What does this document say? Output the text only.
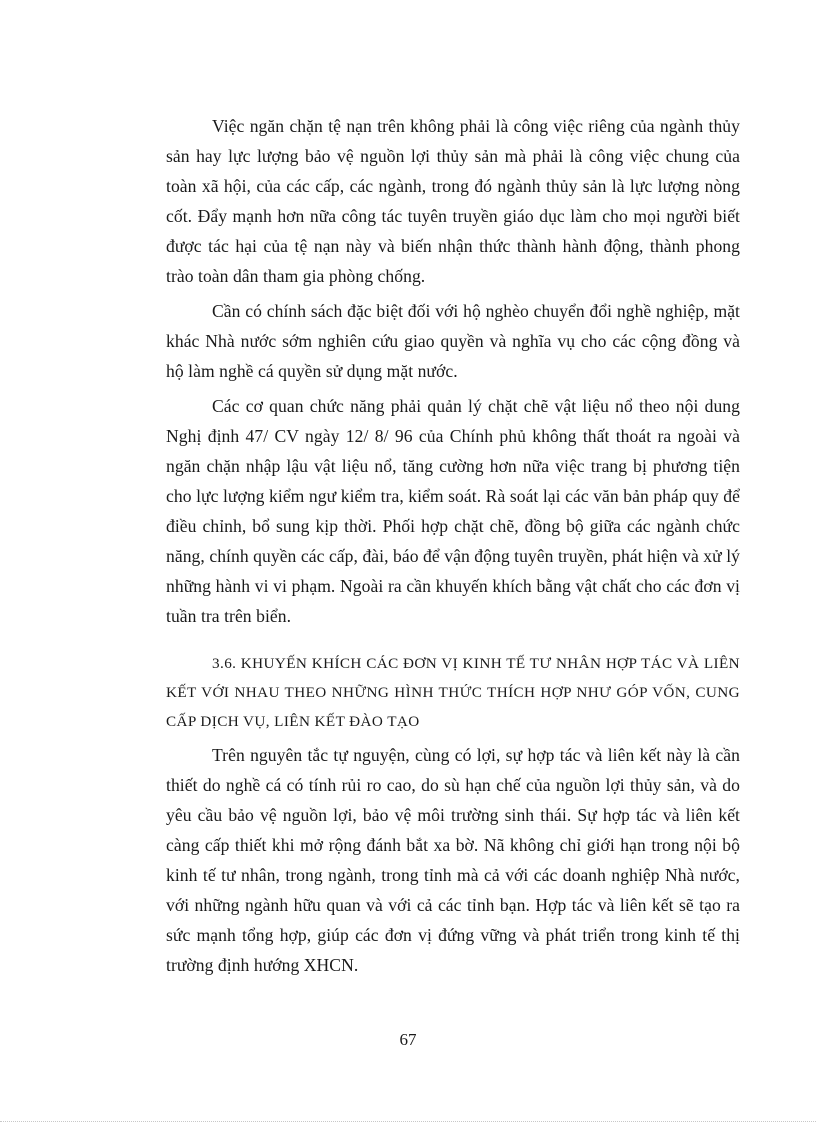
Việc ngăn chặn tệ nạn trên không phải là công việc riêng của ngành thủy sản hay lực lượng bảo vệ nguồn lợi thủy sản mà phải là công việc chung của toàn xã hội, của các cấp, các ngành, trong đó ngành thủy sản là lực lượng nòng cốt. Đẩy mạnh hơn nữa công tác tuyên truyền giáo dục làm cho mọi người biết được tác hại của tệ nạn này và biến nhận thức thành hành động, thành phong trào toàn dân tham gia phòng chống.

Cần có chính sách đặc biệt đối với hộ nghèo chuyển đổi nghề nghiệp, mặt khác Nhà nước sớm nghiên cứu giao quyền và nghĩa vụ cho các cộng đồng và hộ làm nghề cá quyền sử dụng mặt nước.

Các cơ quan chức năng phải quản lý chặt chẽ vật liệu nổ theo nội dung Nghị định 47/ CV ngày 12/ 8/ 96 của Chính phủ không thất thoát ra ngoài và ngăn chặn nhập lậu vật liệu nổ, tăng cường hơn nữa việc trang bị phương tiện cho lực lượng kiểm ngư kiểm tra, kiểm soát. Rà soát lại các văn bản pháp quy để điều chỉnh, bổ sung kịp thời. Phối hợp chặt chẽ, đồng bộ giữa các ngành chức năng, chính quyền các cấp, đài, báo để vận động tuyên truyền, phát hiện và xử lý những hành vi vi phạm. Ngoài ra cần khuyến khích bằng vật chất cho các đơn vị tuần tra trên biển.

3.6. KHUYẾN KHÍCH CÁC ĐƠN VỊ KINH TẾ TƯ NHÂN HỢP TÁC VÀ LIÊN KẾT VỚI NHAU THEO NHỮNG HÌNH THỨC THÍCH HỢP NHƯ GÓP VỐN, CUNG CẤP DỊCH VỤ, LIÊN KẾT ĐÀO TẠO

Trên nguyên tắc tự nguyện, cùng có lợi, sự hợp tác và liên kết này là cần thiết do nghề cá có tính rủi ro cao, do sù hạn chế của nguồn lợi thủy sản, và do yêu cầu bảo vệ nguồn lợi, bảo vệ môi trường sinh thái. Sự hợp tác và liên kết càng cấp thiết khi mở rộng đánh bắt xa bờ. Nã không chỉ giới hạn trong nội bộ kinh tế tư nhân, trong ngành, trong tỉnh mà cả với các doanh nghiệp Nhà nước, với những ngành hữu quan và với cả các tỉnh bạn. Hợp tác và liên kết sẽ tạo ra sức mạnh tổng hợp, giúp các đơn vị đứng vững và phát triển trong kinh tế thị trường định hướng XHCN.

67
